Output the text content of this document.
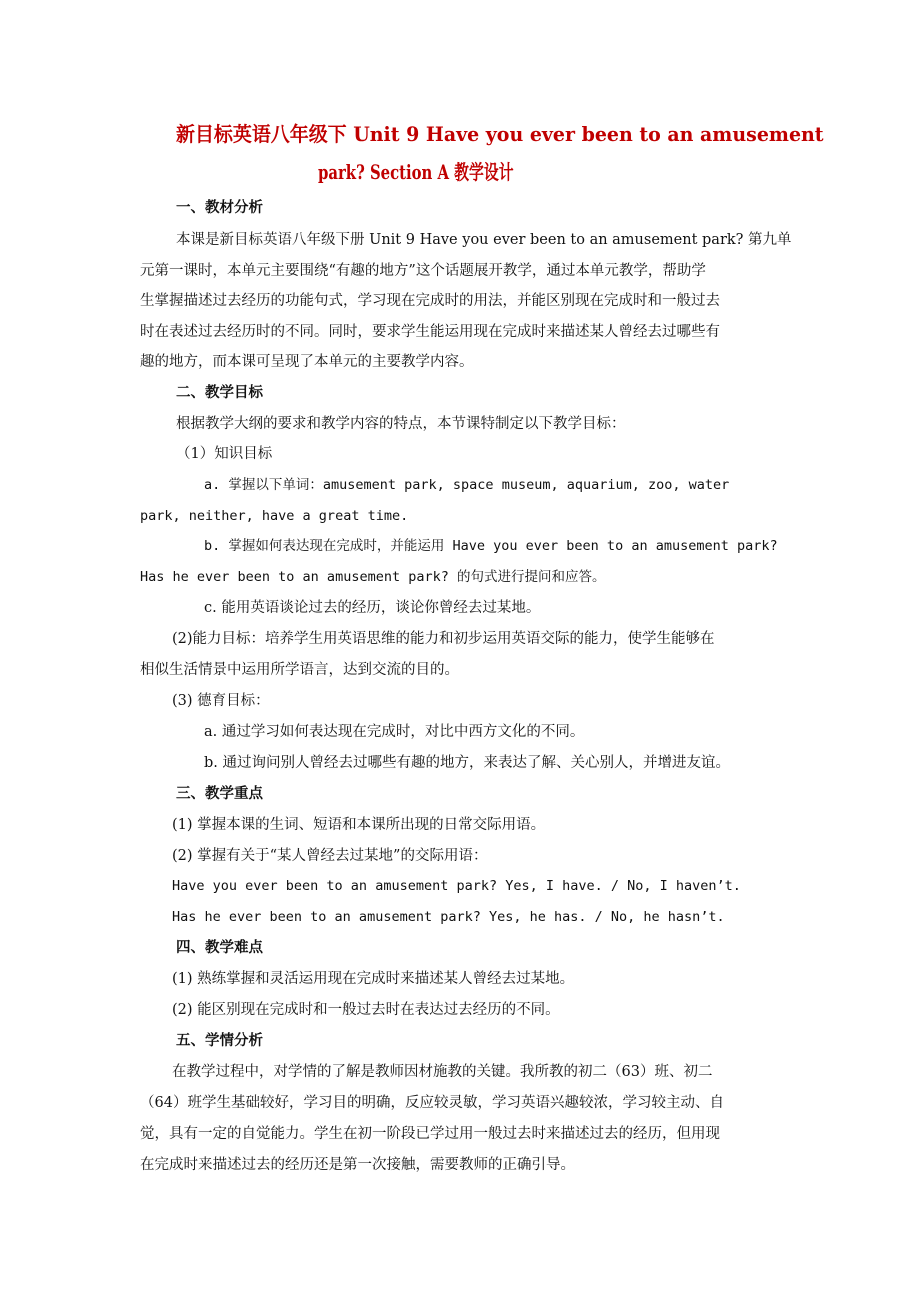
新目标英语八年级下 Unit 9 Have you ever been to an amusement
park? Section A 教学设计
一、教材分析
本课是新目标英语八年级下册 Unit 9 Have you ever been to an amusement park? 第九单
元第一课时，本单元主要围绕“有趣的地方”这个话题展开教学，通过本单元教学，帮助学
生掌握描述过去经历的功能句式，学习现在完成时的用法，并能区别现在完成时和一般过去
时在表述过去经历时的不同。同时，要求学生能运用现在完成时来描述某人曾经去过哪些有
趣的地方，而本课可呈现了本单元的主要教学内容。
二、教学目标
根据教学大纲的要求和教学内容的特点，本节课特制定以下教学目标：
（1）知识目标
a. 掌握以下单词：amusement park, space museum, aquarium, zoo, water
park, neither, have a great time.
b. 掌握如何表达现在完成时，并能运用 Have you ever been to an amusement park?
Has he ever been to an amusement park? 的句式进行提问和应答。
c. 能用英语谈论过去的经历，谈论你曾经去过某地。
(2)能力目标：培养学生用英语思维的能力和初步运用英语交际的能力，使学生能够在
相似生活情景中运用所学语言，达到交流的目的。
(3) 德育目标：
a. 通过学习如何表达现在完成时，对比中西方文化的不同。
b. 通过询问别人曾经去过哪些有趣的地方，来表达了解、关心别人，并增进友谊。
三、教学重点
(1) 掌握本课的生词、短语和本课所出现的日常交际用语。
(2) 掌握有关于“某人曾经去过某地”的交际用语：
Have you ever been to an amusement park? Yes, I have. / No, I haven’t.
Has he ever been to an amusement park? Yes, he has. / No, he hasn’t.
四、教学难点
(1) 熟练掌握和灵活运用现在完成时来描述某人曾经去过某地。
(2) 能区别现在完成时和一般过去时在表达过去经历的不同。
五、学情分析
在教学过程中，对学情的了解是教师因材施教的关键。我所教的初二（63）班、初二
（64）班学生基础较好，学习目的明确，反应较灵敏，学习英语兴趣较浓，学习较主动、自
觉，具有一定的自觉能力。学生在初一阶段已学过用一般过去时来描述过去的经历，但用现
在完成时来描述过去的经历还是第一次接触，需要教师的正确引导。
